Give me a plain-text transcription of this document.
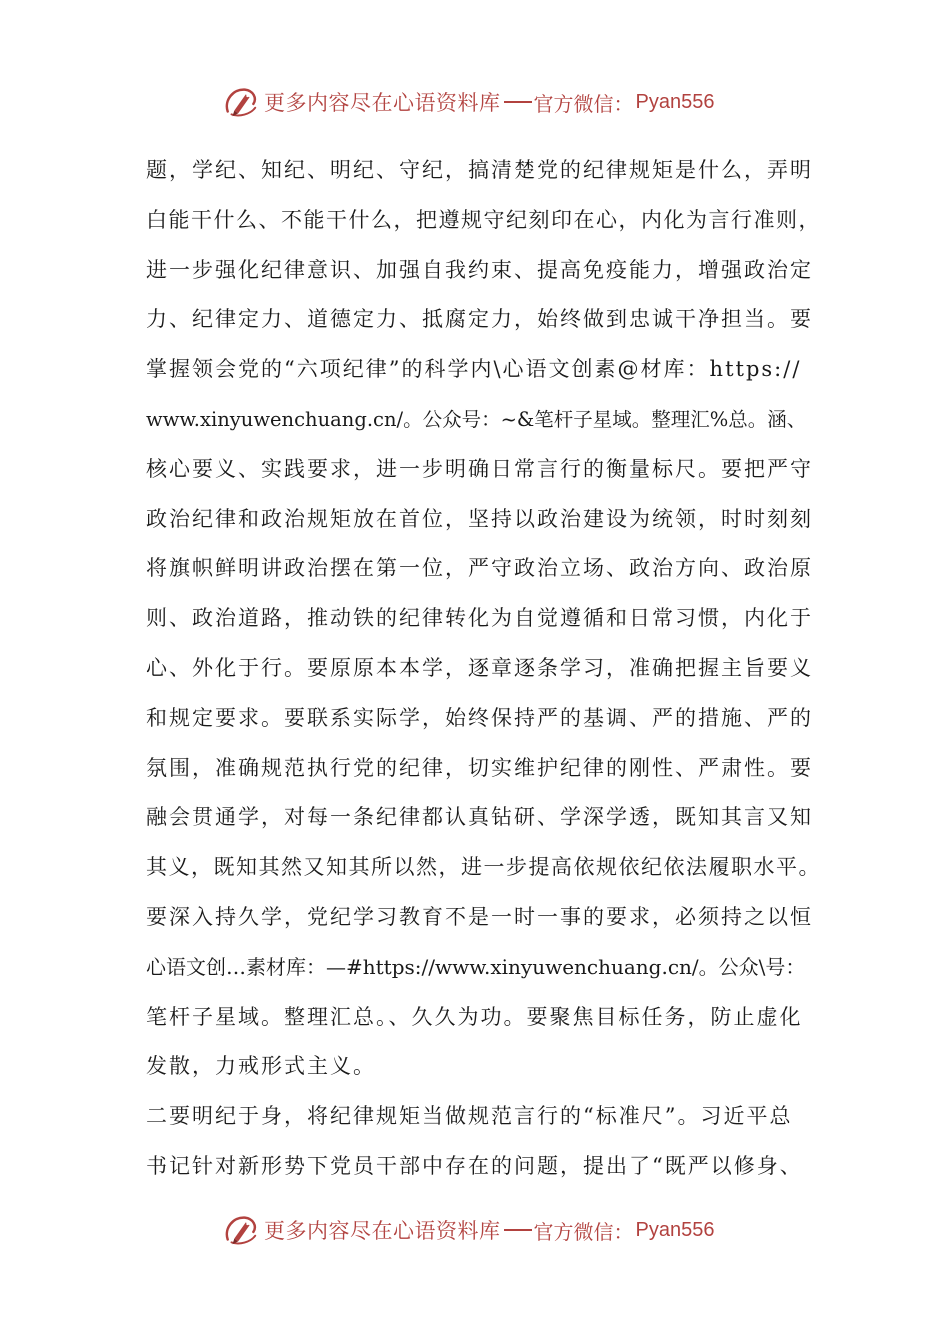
更多内容尽在心语资料库 官方微信： Pyan556
题，学纪、知纪、明纪、守纪，搞清楚党的纪律规矩是什么，弄明
白能干什么、不能干什么，把遵规守纪刻印在心，内化为言行准则，
进一步强化纪律意识、加强自我约束、提高免疫能力，增强政治定
力、纪律定力、道德定力、抵腐定力，始终做到忠诚干净担当。要
掌握领会党的“六项纪律”的科学内\心语文创素@材库：https://
www.xinyuwenchuang.cn/。公众号：~&笔杆子星域。整理汇%总。涵、
核心要义、实践要求，进一步明确日常言行的衡量标尺。要把严守
政治纪律和政治规矩放在首位，坚持以政治建设为统领，时时刻刻
将旗帜鲜明讲政治摆在第一位，严守政治立场、政治方向、政治原
则、政治道路，推动铁的纪律转化为自觉遵循和日常习惯，内化于
心、外化于行。要原原本本学，逐章逐条学习，准确把握主旨要义
和规定要求。要联系实际学，始终保持严的基调、严的措施、严的
氛围，准确规范执行党的纪律，切实维护纪律的刚性、严肃性。要
融会贯通学，对每一条纪律都认真钻研、学深学透，既知其言又知
其义，既知其然又知其所以然，进一步提高依规依纪依法履职水平。
要深入持久学，党纪学习教育不是一时一事的要求，必须持之以恒
心语文创…素材库：—#https://www.xinyuwenchuang.cn/。公众\号：
笔杆子星域。整理汇总。、久久为功。要聚焦目标任务，防止虚化
发散，力戒形式主义。
二要明纪于身，将纪律规矩当做规范言行的“标准尺”。习近平总
书记针对新形势下党员干部中存在的问题，提出了“既严以修身、
更多内容尽在心语资料库 官方微信： Pyan556
